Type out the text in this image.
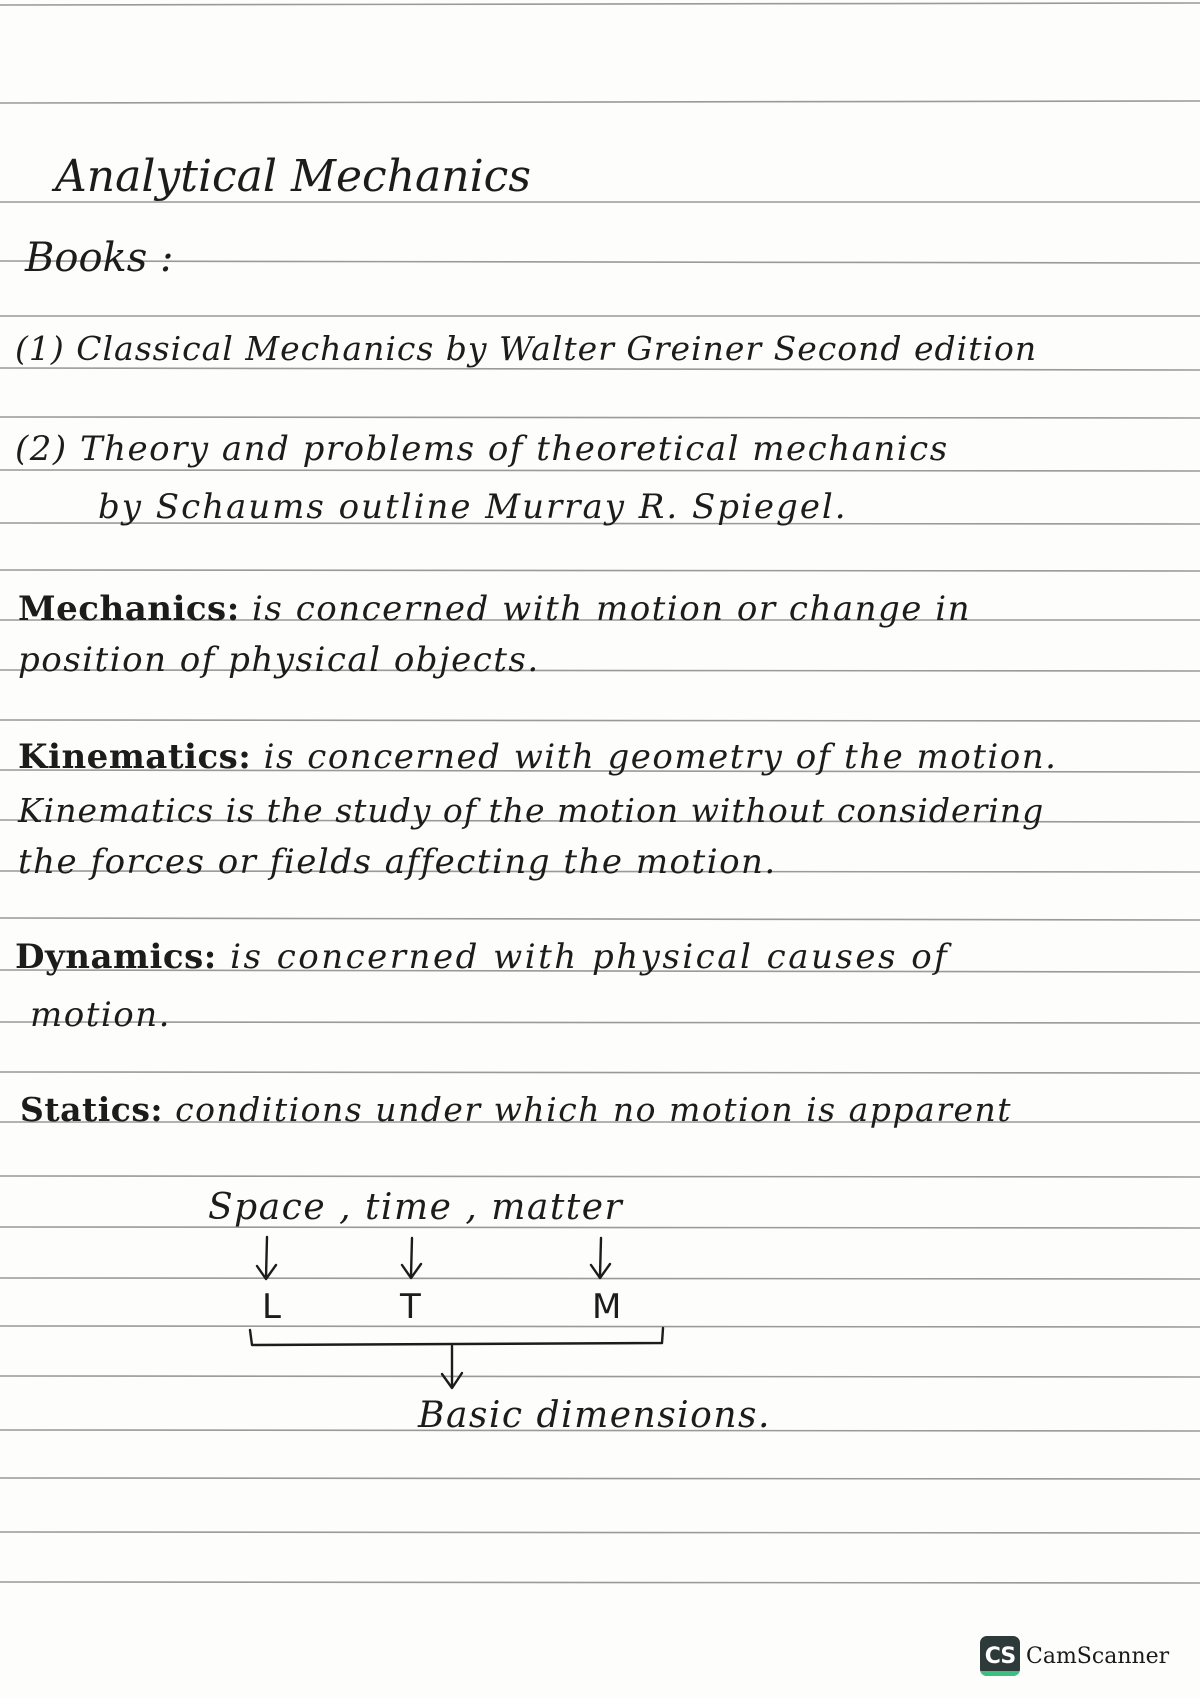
Analytical Mechanics
Books :
(1) Classical Mechanics by Walter Greiner Second edition
(2) Theory and problems of theoretical mechanics
by Schaums outline Murray R. Spiegel.
Mechanics: is concerned with motion or change in
position of physical objects.
Kinematics: is concerned with geometry of the motion.
Kinematics is the study of the motion without considering
the forces or fields affecting the motion.
Dynamics: is concerned with physical causes of
motion.
Statics: conditions under which no motion is apparent
Space , time , matter
L	T	M
Basic dimensions.
CS CamScanner
